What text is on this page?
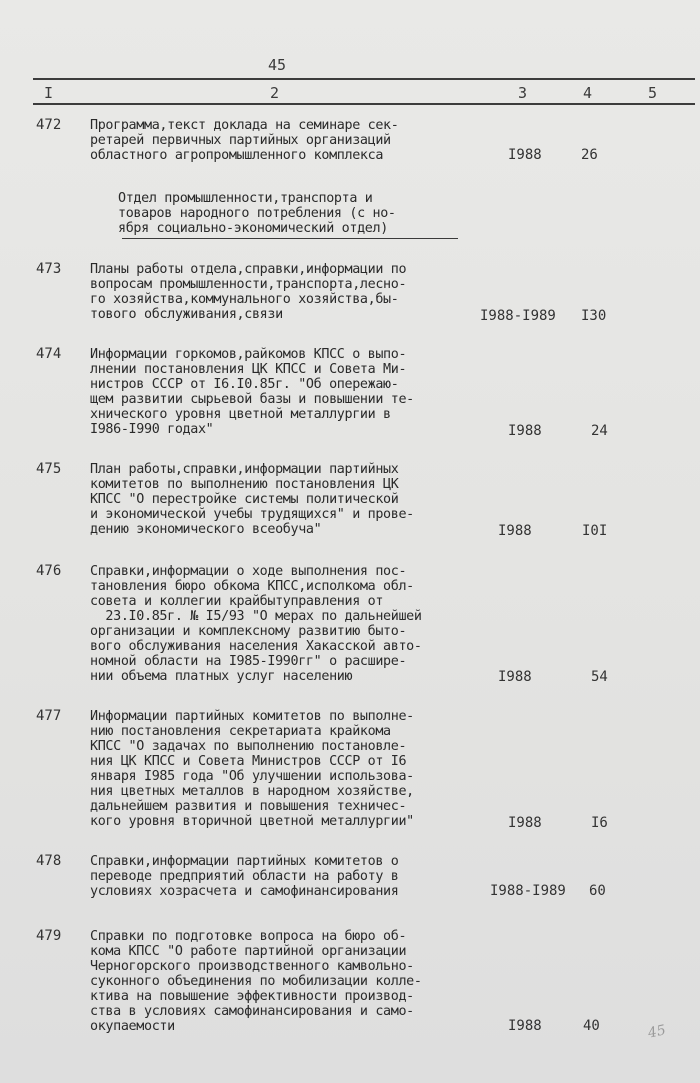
45
I	2	3	4	5
472 Программа,текст доклада на семинаре сек-
ретарей первичных партийных организаций
областного агропромышленного комплекса	I988	26
Отдел промышленности,транспорта и
товаров народного потребления (с но-
ября социально-экономический отдел)
473 Планы работы отдела,справки,информации по
вопросам промышленности,транспорта,лесно-
го хозяйства,коммунального хозяйства,бы-
тового обслуживания,связи	I988-I989 I30
474 Информации горкомов,райкомов КПСС о выпо-
лнении постановления ЦК КПСС и Совета Ми-
нистров СССР от I6.I0.85г. "Об опережаю-
щем развитии сырьевой базы и повышении те-
хнического уровня цветной металлургии в
I986-I990 годах"	I988	24
475 План работы,справки,информации партийных
комитетов по выполнению постановления ЦК
КПСС "О перестройке системы политической
и экономической учебы трудящихся" и прове-
дению экономического всеобуча"	I988	I0I
476 Справки,информации о ходе выполнения пос-
тановления бюро обкома КПСС,исполкома обл-
совета и коллегии крайбытуправления от
23.I0.85г. № I5/93 "О мерах по дальнейшей
организации и комплексному развитию быто-
вого обслуживания населения Хакасской авто-
номной области на I985-I990гг" о расшире-
нии объема платных услуг населению	I988	54
477 Информации партийных комитетов по выполне-
нию постановления секретариата крайкома
КПСС "О задачах по выполнению постановле-
ния ЦК КПСС и Совета Министров СССР от I6
января I985 года "Об улучшении использова-
ния цветных металлов в народном хозяйстве,
дальнейшем развития и повышения техничес-
кого уровня вторичной цветной металлургии"	I988	I6
478 Справки,информации партийных комитетов о
переводе предприятий области на работу в
условиях хозрасчета и самофинансирования	I988-I989 60
479 Справки по подготовке вопроса на бюро об-
кома КПСС "О работе партийной организации
Черногорского производственного камвольно-
суконного объединения по мобилизации колле-
ктива на повышение эффективности производ-
ства в условиях самофинансирования и само-
окупаемости	I988	40	45
